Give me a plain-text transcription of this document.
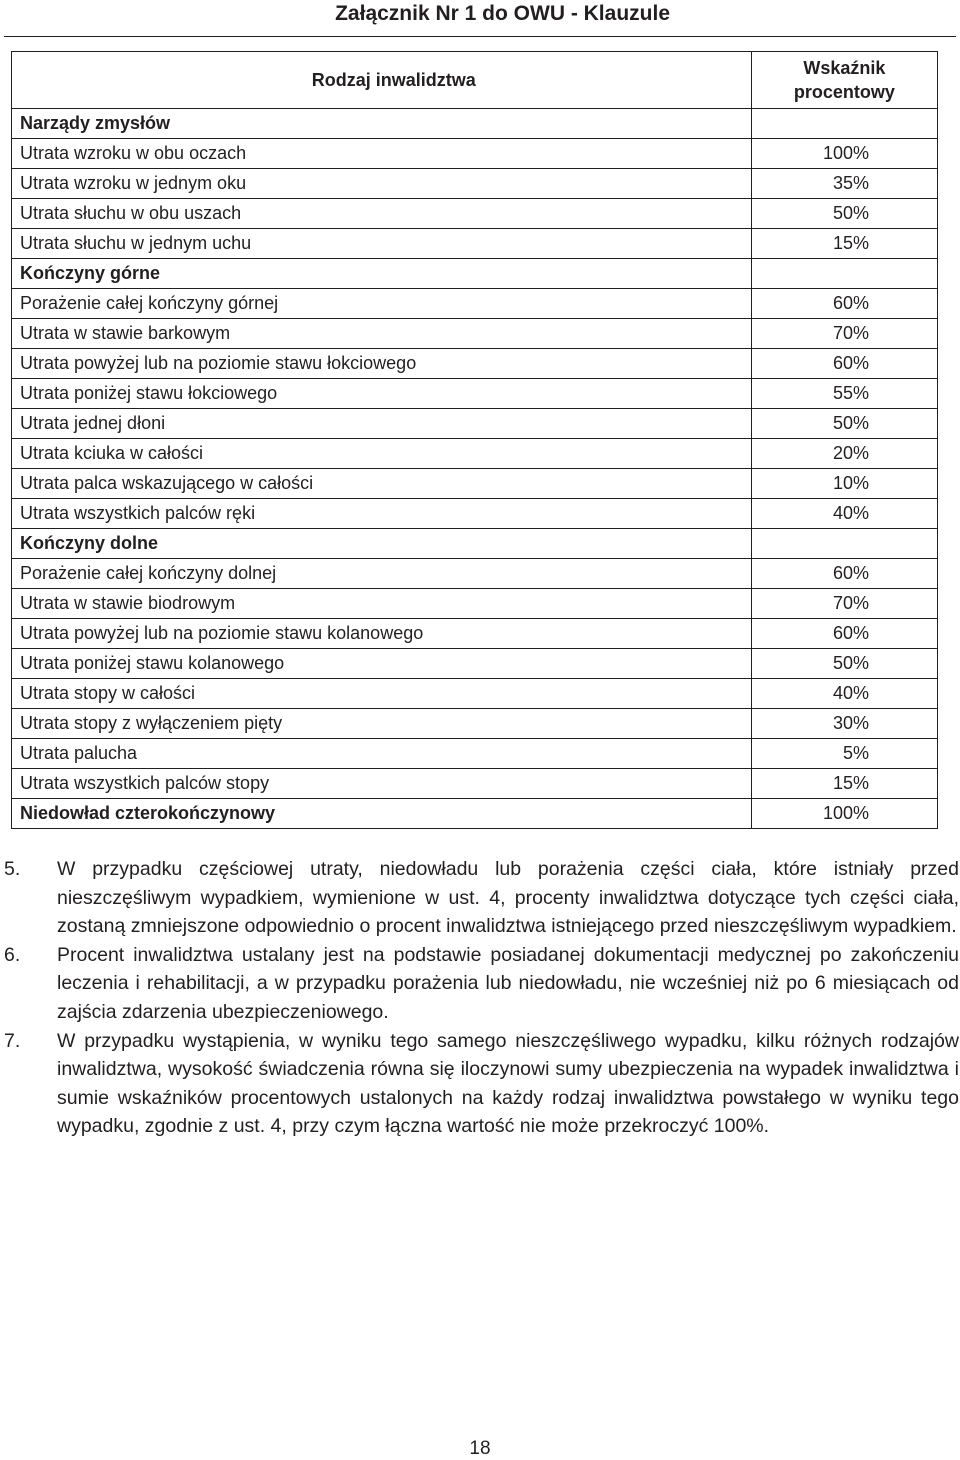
Załącznik Nr 1 do OWU - Klauzule
Rodzaj inwalidztwa	Wskaźnik
procentowy

Narządy zmysłów	
Utrata wzroku w obu oczach	100%
Utrata wzroku w jednym oku	35%
Utrata słuchu w obu uszach	50%
Utrata słuchu w jednym uchu	15%
Kończyny górne	
Porażenie całej kończyny górnej	60%
Utrata w stawie barkowym	70%
Utrata powyżej lub na poziomie stawu łokciowego	60%
Utrata poniżej stawu łokciowego	55%
Utrata jednej dłoni	50%
Utrata kciuka w całości	20%
Utrata palca wskazującego w całości	10%
Utrata wszystkich palców ręki	40%
Kończyny dolne	
Porażenie całej kończyny dolnej	60%
Utrata w stawie biodrowym	70%
Utrata powyżej lub na poziomie stawu kolanowego	60%
Utrata poniżej stawu kolanowego	50%
Utrata stopy w całości	40%
Utrata stopy z wyłączeniem pięty	30%
Utrata palucha	5%
Utrata wszystkich palców stopy	15%
Niedowład czterokończynowy	100%
5. W przypadku częściowej utraty, niedowładu lub porażenia części ciała, które istniały przed nieszczęśliwym wypadkiem, wymienione w ust. 4, procenty inwalidztwa dotyczące tych części ciała, zostaną zmniejszone odpowiednio o procent inwalidztwa istniejącego przed nieszczęśliwym wypadkiem.
6. Procent inwalidztwa ustalany jest na podstawie posiadanej dokumentacji medycznej po zakończeniu leczenia i rehabilitacji, a w przypadku porażenia lub niedowładu, nie wcześniej niż po 6 miesiącach od zajścia zdarzenia ubezpieczeniowego.
7. W przypadku wystąpienia, w wyniku tego samego nieszczęśliwego wypadku, kilku różnych rodzajów inwalidztwa, wysokość świadczenia równa się iloczynowi sumy ubezpieczenia na wypadek inwalidztwa i sumie wskaźników procentowych ustalonych na każdy rodzaj inwalidztwa powstałego w wyniku tego wypadku, zgodnie z ust. 4, przy czym łączna wartość nie może przekroczyć 100%.
18
